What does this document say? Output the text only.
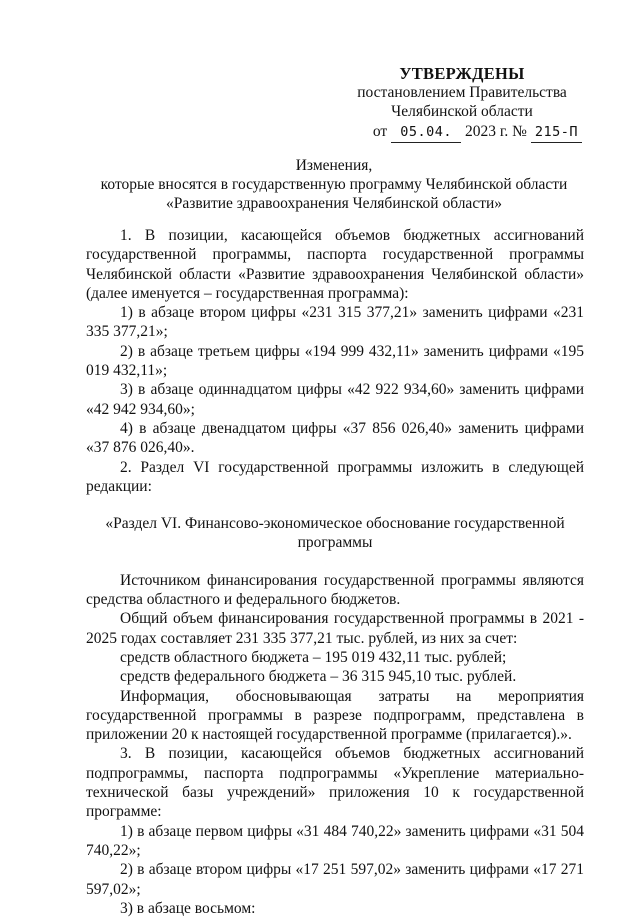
УТВЕРЖДЕНЫ
постановлением Правительства
Челябинской области
от 05.04. 2023 г. № 215-П
Изменения,
которые вносятся в государственную программу Челябинской области
«Развитие здравоохранения Челябинской области»

1. В позиции, касающейся объемов бюджетных ассигнований государственной программы, паспорта государственной программы Челябинской области «Развитие здравоохранения Челябинской области» (далее именуется – государственная программа):

1) в абзаце втором цифры «231 315 377,21» заменить цифрами «231 335 377,21»;

2) в абзаце третьем цифры «194 999 432,11» заменить цифрами «195 019 432,11»;

3) в абзаце одиннадцатом цифры «42 922 934,60» заменить цифрами «42 942 934,60»;

4) в абзаце двенадцатом цифры «37 856 026,40» заменить цифрами «37 876 026,40».

2. Раздел VI государственной программы изложить в следующей редакции:

«Раздел VI. Финансово-экономическое обоснование государственной программы

Источником финансирования государственной программы являются средства областного и федерального бюджетов.

Общий объем финансирования государственной программы в 2021 - 2025 годах составляет 231 335 377,21 тыс. рублей, из них за счет:

средств областного бюджета – 195 019 432,11 тыс. рублей;

средств федерального бюджета – 36 315 945,10 тыс. рублей.

Информация, обосновывающая затраты на мероприятия государственной программы в разрезе подпрограмм, представлена в приложении 20 к настоящей государственной программе (прилагается).».

3. В позиции, касающейся объемов бюджетных ассигнований подпрограммы, паспорта подпрограммы «Укрепление материально-технической базы учреждений» приложения 10 к государственной программе:

1) в абзаце первом цифры «31 484 740,22» заменить цифрами «31 504 740,22»;

2) в абзаце втором цифры «17 251 597,02» заменить цифрами «17 271 597,02»;

3) в абзаце восьмом:
